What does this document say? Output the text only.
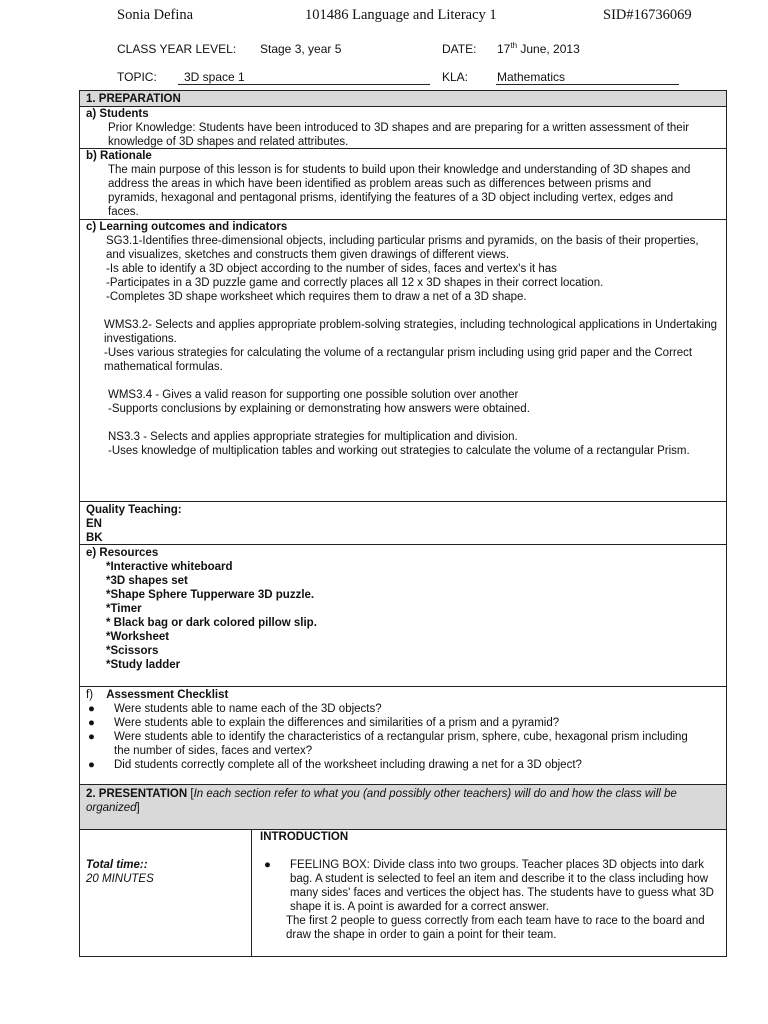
Sonia Defina	101486 Language and Literacy 1	SID#16736069
CLASS YEAR LEVEL: Stage 3, year 5	DATE: 17th June, 2013
TOPIC: 3D space 1	KLA: Mathematics
1. PREPARATION
a) Students
Prior Knowledge: Students have been introduced to 3D shapes and are preparing for a written assessment of their knowledge of 3D shapes and related attributes.
b) Rationale
The main purpose of this lesson is for students to build upon their knowledge and understanding of 3D shapes and address the areas in which have been identified as problem areas such as differences between prisms and pyramids, hexagonal and pentagonal prisms, identifying the features of a 3D object including vertex, edges and faces.
c) Learning outcomes and indicators
SG3.1-Identifies three-dimensional objects, including particular prisms and pyramids, on the basis of their properties, and visualizes, sketches and constructs them given drawings of different views.
-Is able to identify a 3D object according to the number of sides, faces and vertex's it has
-Participates in a 3D puzzle game and correctly places all 12 x 3D shapes in their correct location.
-Completes 3D shape worksheet which requires them to draw a net of a 3D shape.
WMS3.2- Selects and applies appropriate problem-solving strategies, including technological applications in Undertaking investigations.
-Uses various strategies for calculating the volume of a rectangular prism including using grid paper and the Correct mathematical formulas.
WMS3.4 - Gives a valid reason for supporting one possible solution over another
-Supports conclusions by explaining or demonstrating how answers were obtained.
NS3.3 - Selects and applies appropriate strategies for multiplication and division.
-Uses knowledge of multiplication tables and working out strategies to calculate the volume of a rectangular Prism.
Quality Teaching:
EN
BK
e) Resources
*Interactive whiteboard
*3D shapes set
*Shape Sphere Tupperware 3D puzzle.
*Timer
* Black bag or dark colored pillow slip.
*Worksheet
*Scissors
*Study ladder
f) Assessment Checklist
●	Were students able to name each of the 3D objects?
●	Were students able to explain the differences and similarities of a prism and a pyramid?
●	Were students able to identify the characteristics of a rectangular prism, sphere, cube, hexagonal prism including the number of sides, faces and vertex?
●	Did students correctly complete all of the worksheet including drawing a net for a 3D object?
2. PRESENTATION [In each section refer to what you (and possibly other teachers) will do and how the class will be organized]
Total time::
20 MINUTES
INTRODUCTION
●	FEELING BOX: Divide class into two groups. Teacher places 3D objects into dark bag. A student is selected to feel an item and describe it to the class including how many sides' faces and vertices the object has. The students have to guess what 3D shape it is. A point is awarded for a correct answer.
The first 2 people to guess correctly from each team have to race to the board and draw the shape in order to gain a point for their team.
